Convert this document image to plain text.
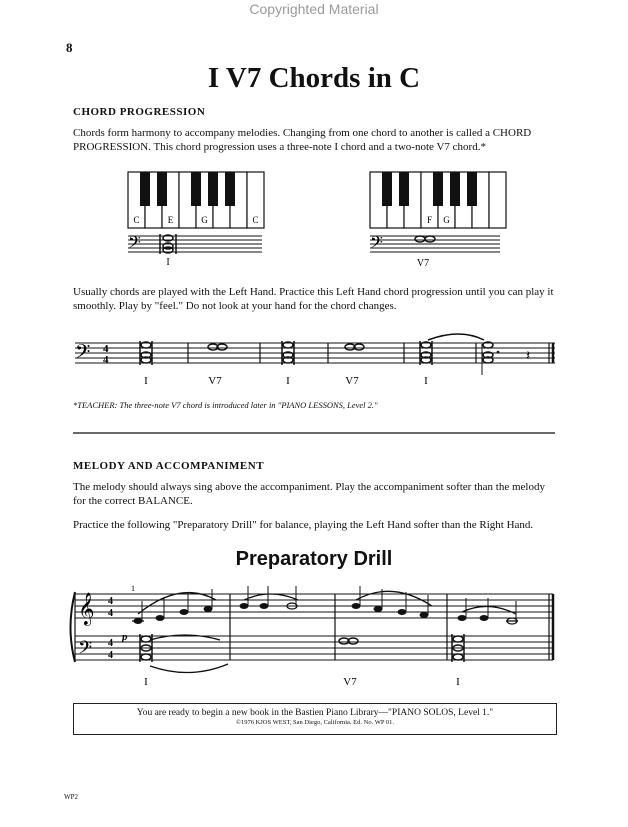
Copyrighted Material
8
I V7 Chords in C
CHORD PROGRESSION
Chords form harmony to accompany melodies. Changing from one chord to another is called a CHORD PROGRESSION. This chord progression uses a three-note I chord and a two-note V7 chord.*
C	E	G	C	F G
𝄢
I
𝄢
V7
𝄢 4
4	𝄽
I	V7	I	V7	I
𝄞
𝄢
4
4
4
4
1
p
I	V7	I
Usually chords are played with the Left Hand. Practice this Left Hand chord progression until you can play it smoothly. Play by "feel." Do not look at your hand for the chord changes.
*TEACHER: The three-note V7 chord is introduced later in "PIANO LESSONS, Level 2."
MELODY AND ACCOMPANIMENT
The melody should always sing above the accompaniment. Play the accompaniment softer than the melody for the correct BALANCE.
Practice the following "Preparatory Drill" for balance, playing the Left Hand softer than the Right Hand.
Preparatory Drill
You are ready to begin a new book in the Bastien Piano Library—"PIANO SOLOS, Level 1."
©1976 KJOS WEST, San Diego, California. Ed. No. WP 01.
WP2
